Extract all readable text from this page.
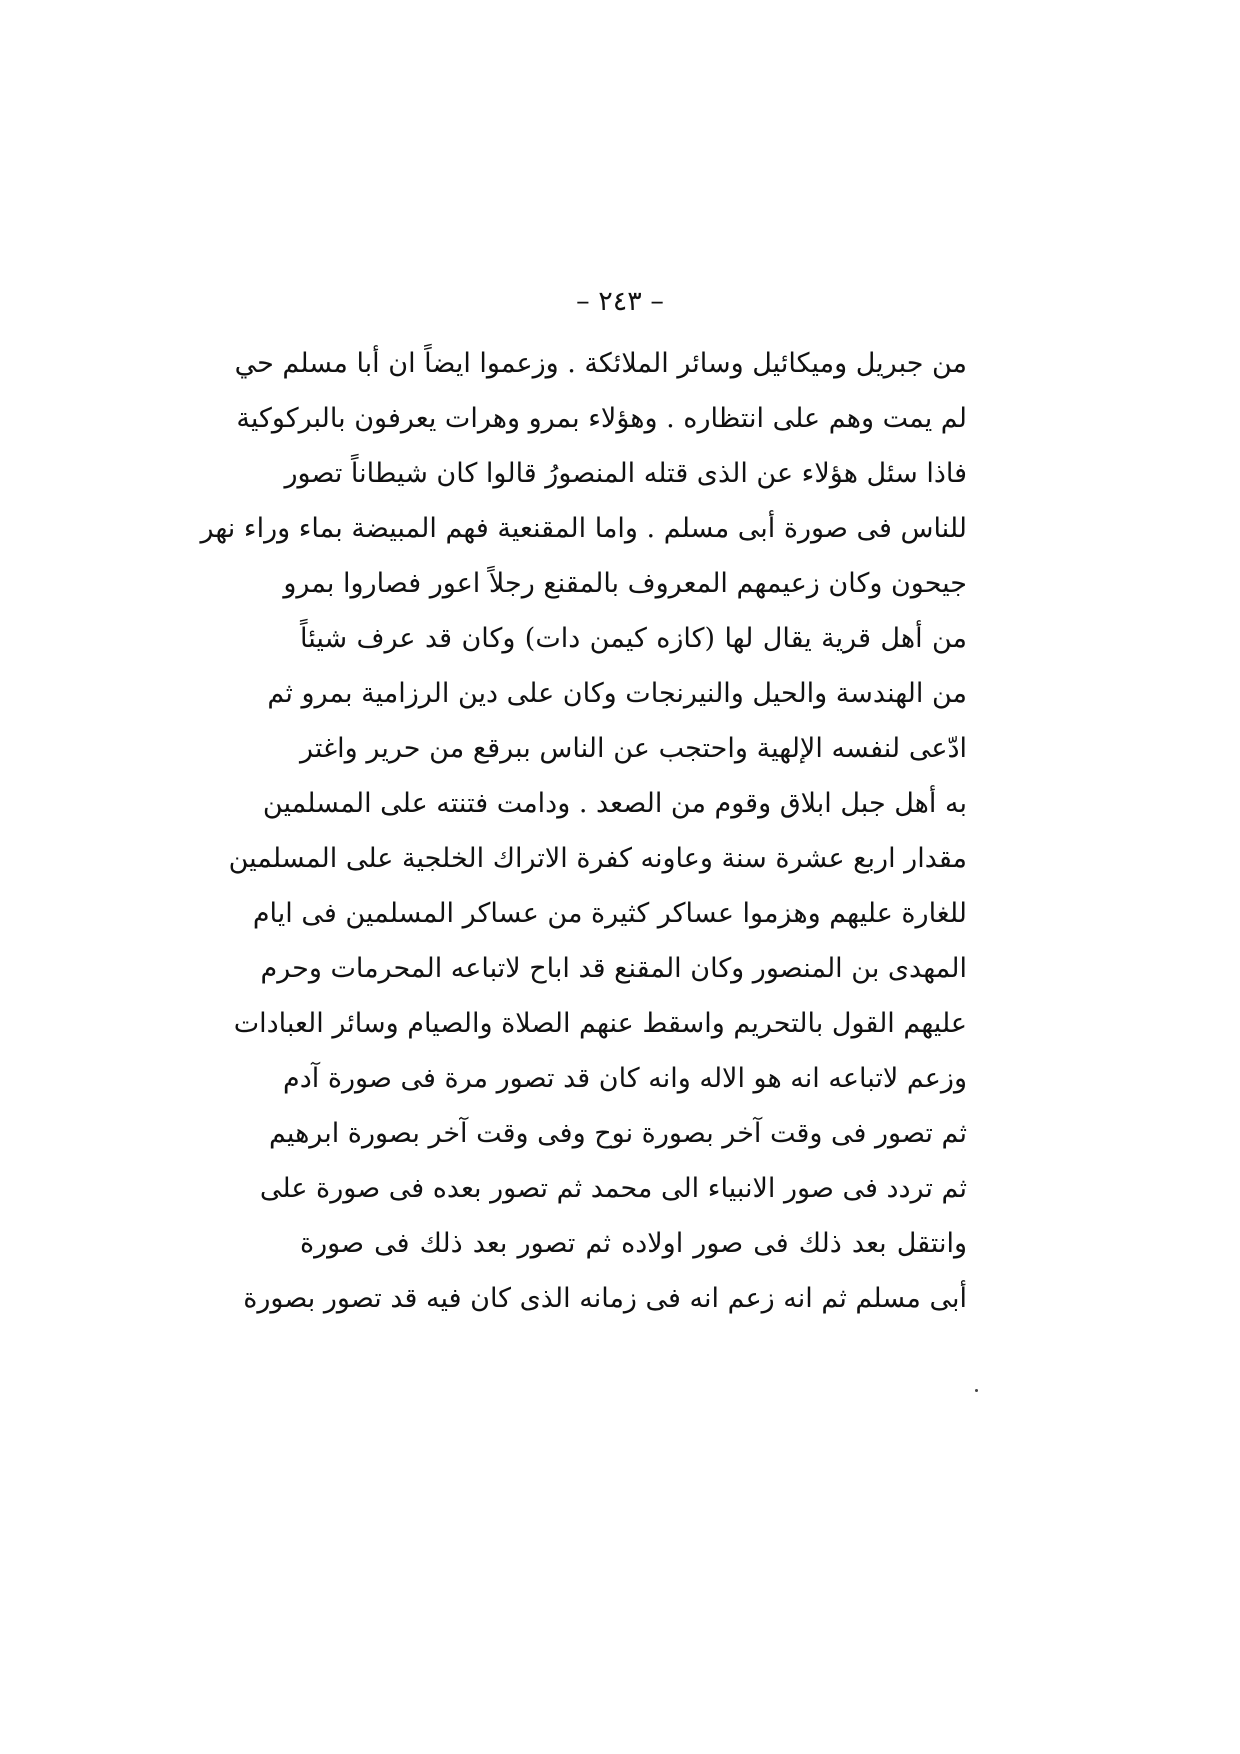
– ٢٤٣ –
من جبريل وميكائيل وسائر الملائكة . وزعموا ايضاً ان أبا مسلم حي
لم يمت وهم على انتظاره . وهؤلاء بمرو وهرات يعرفون بالبركوكية
فاذا سئل هؤلاء عن الذى قتله المنصورُ قالوا كان شيطاناً تصور
للناس فى صورة أبى مسلم . واما المقنعية فهم المبيضة بماء وراء نهر
جيحون وكان زعيمهم المعروف بالمقنع رجلاً اعور فصاروا بمرو
من أهل قرية يقال لها (كازه كيمن دات) وكان قد عرف شيئاً
من الهندسة والحيل والنيرنجات وكان على دين الرزامية بمرو ثم
ادّعى لنفسه الإلهية واحتجب عن الناس ببرقع من حرير واغتر
به أهل جبل ابلاق وقوم من الصعد . ودامت فتنته على المسلمين
مقدار اربع عشرة سنة وعاونه كفرة الاتراك الخلجية على المسلمين
للغارة عليهم وهزموا عساكر كثيرة من عساكر المسلمين فى ايام
المهدى بن المنصور وكان المقنع قد اباح لاتباعه المحرمات وحرم
عليهم القول بالتحريم واسقط عنهم الصلاة والصيام وسائر العبادات
وزعم لاتباعه انه هو الاله وانه كان قد تصور مرة فى صورة آدم
ثم تصور فى وقت آخر بصورة نوح وفى وقت آخر بصورة ابرهيم
ثم تردد فى صور الانبياء الى محمد ثم تصور بعده فى صورة على
وانتقل بعد ذلك فى صور اولاده ثم تصور بعد ذلك فى صورة
أبى مسلم ثم انه زعم انه فى زمانه الذى كان فيه قد تصور بصورة
